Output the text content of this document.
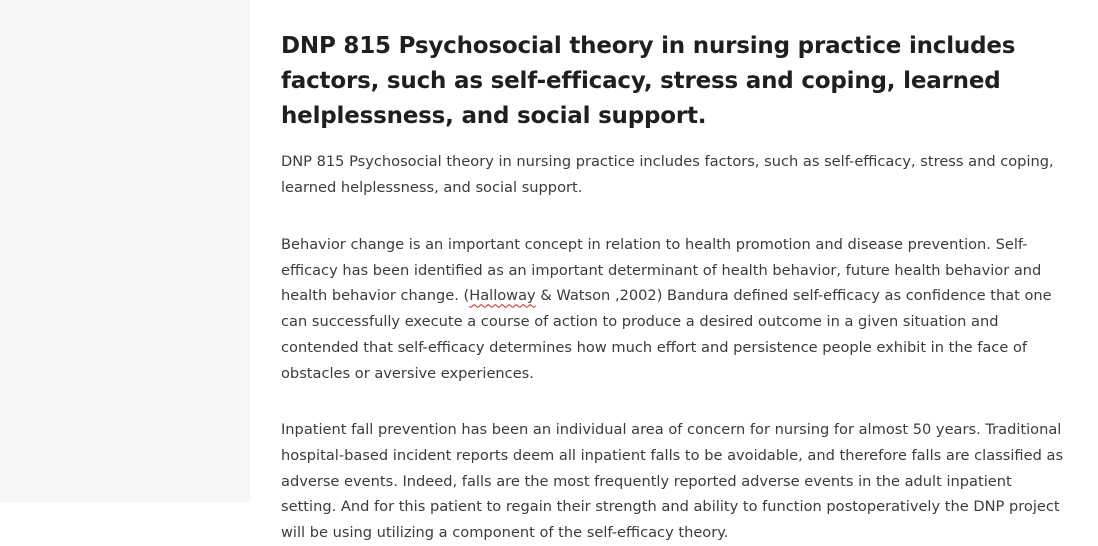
DNP 815 Psychosocial theory in nursing practice includes factors, such as self-efficacy, stress and coping, learned helplessness, and social support.

DNP 815 Psychosocial theory in nursing practice includes factors, such as self-efficacy, stress and coping, learned helplessness, and social support.

Behavior change is an important concept in relation to health promotion and disease prevention. Self-efficacy has been identified as an important determinant of health behavior, future health behavior and health behavior change. (Halloway & Watson ,2002) Bandura defined self-efficacy as confidence that one can successfully execute a course of action to produce a desired outcome in a given situation and contended that self-efficacy determines how much effort and persistence people exhibit in the face of obstacles or aversive experiences.

Inpatient fall prevention has been an individual area of concern for nursing for almost 50 years. Traditional hospital-based incident reports deem all inpatient falls to be avoidable, and therefore falls are classified as adverse events. Indeed, falls are the most frequently reported adverse events in the adult inpatient setting. And for this patient to regain their strength and ability to function postoperatively the DNP project will be using utilizing a component of the self-efficacy theory.
